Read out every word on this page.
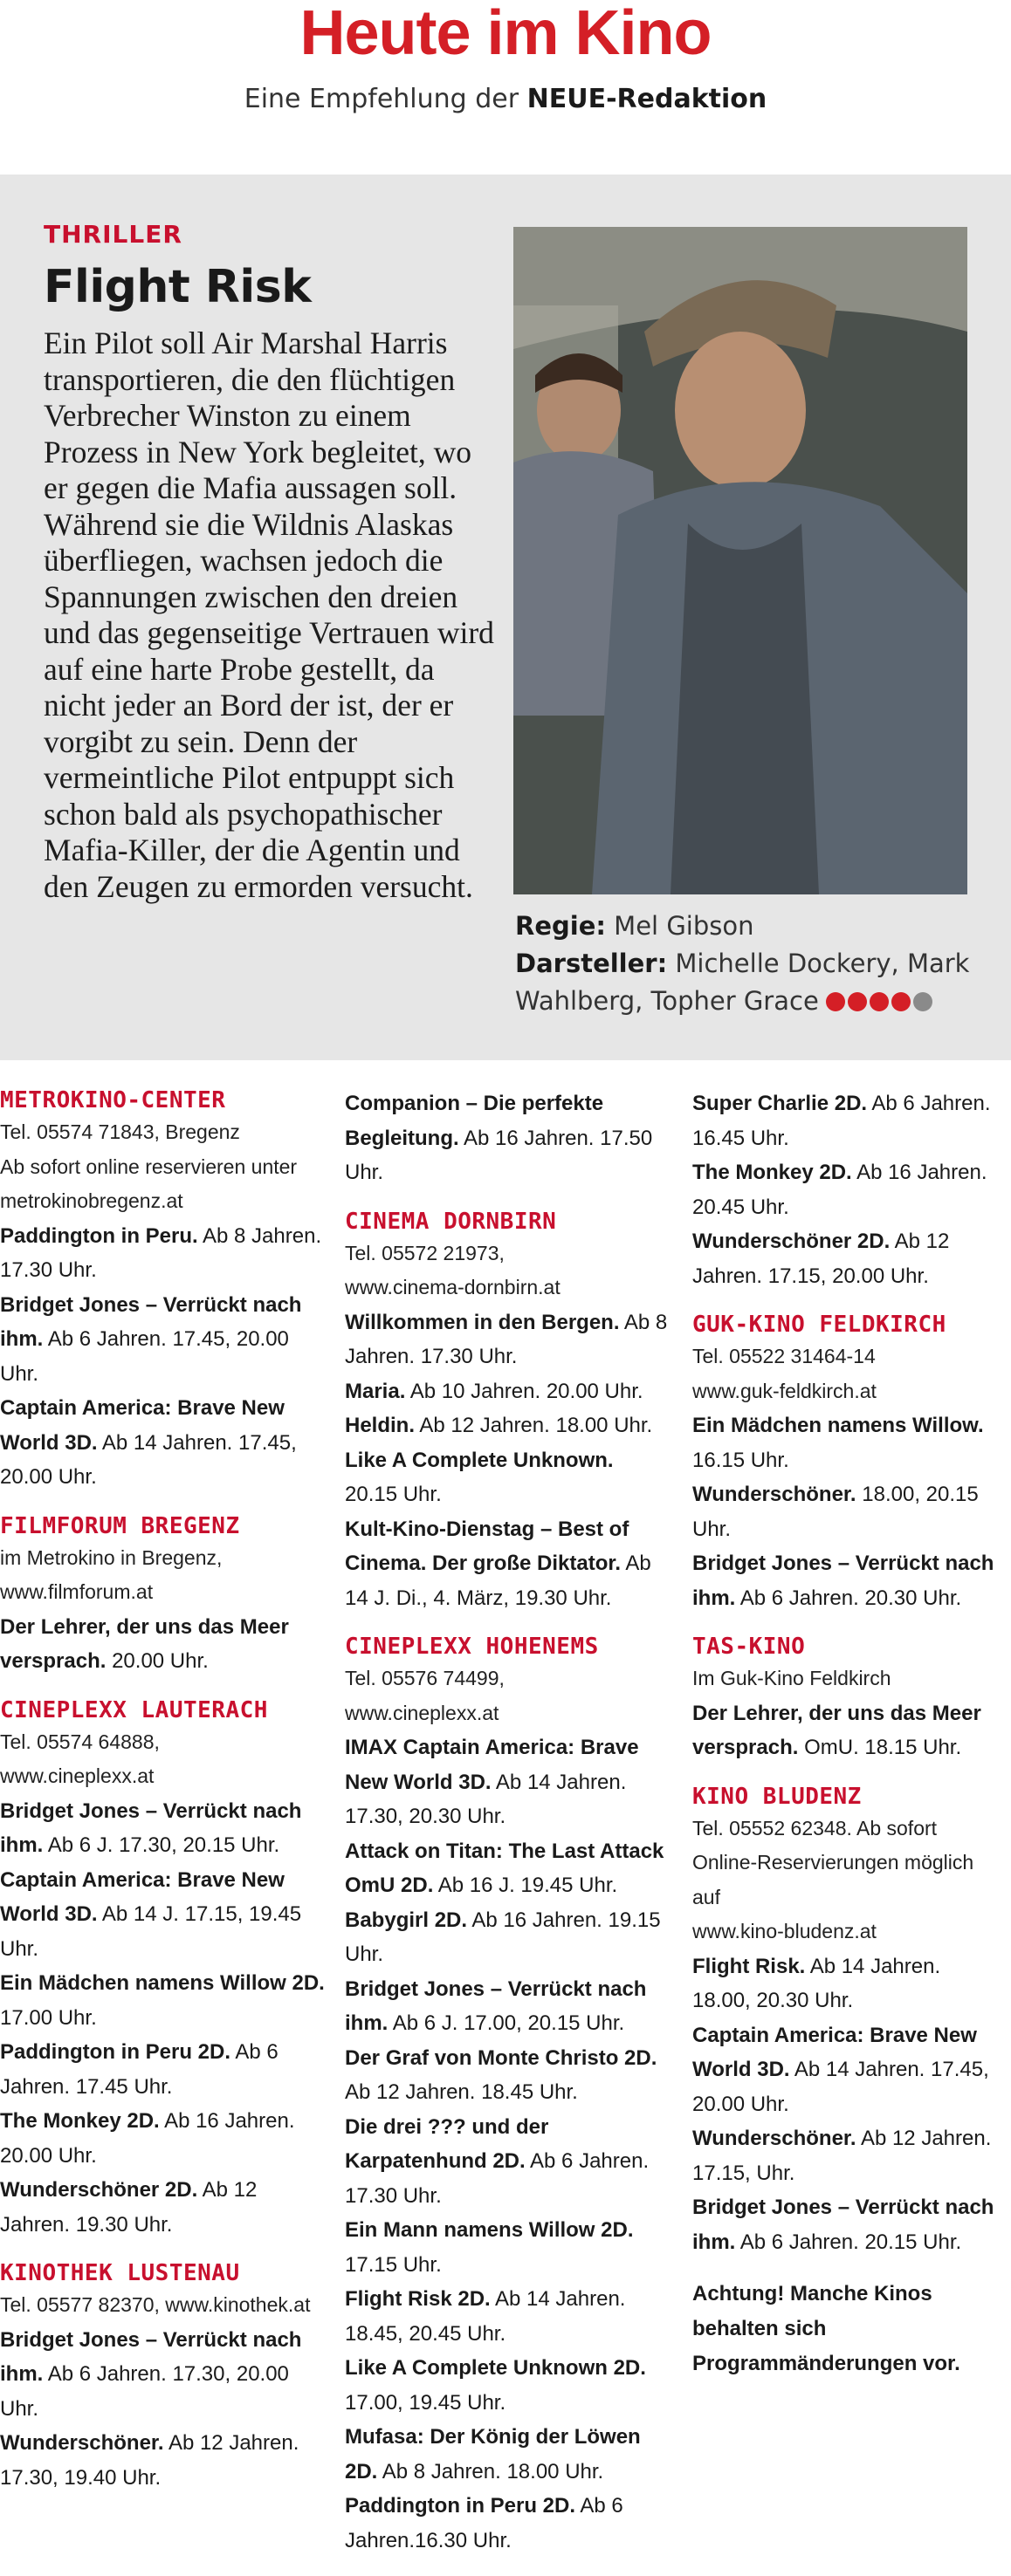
Heute im Kino
Eine Empfehlung der NEUE-Redaktion
THRILLER
Flight Risk

Ein Pilot soll Air Marshal Harris transportieren, die den flüchtigen Verbrecher Winston zu einem Prozess in New York begleitet, wo er gegen die Mafia aussagen soll. Während sie die Wildnis Alaskas überfliegen, wachsen jedoch die Spannungen zwischen den dreien und das gegenseitige Vertrauen wird auf eine harte Probe gestellt, da nicht jeder an Bord der ist, der er vorgibt zu sein. Denn der vermeintliche Pilot entpuppt sich schon bald als psychopathischer Mafia-Killer, der die Agentin und den Zeugen zu ermorden versucht.

Regie: Mel Gibson
Darsteller: Michelle Dockery, Mark Wahlberg, Topher Grace
METROKINO-CENTER
Tel. 05574 71843, Bregenz
Ab sofort online reservieren unter
metrokinobregenz.at
Paddington in Peru. Ab 8 Jahren. 17.30 Uhr.
Bridget Jones – Verrückt nach ihm. Ab 6 Jahren. 17.45, 20.00 Uhr.
Captain America: Brave New World 3D. Ab 14 Jahren. 17.45, 20.00 Uhr.
FILMFORUM BREGENZ
im Metrokino in Bregenz,
www.filmforum.at
Der Lehrer, der uns das Meer versprach. 20.00 Uhr.
CINEPLEXX LAUTERACH
Tel. 05574 64888,
www.cineplexx.at
Bridget Jones – Verrückt nach ihm. Ab 6 J. 17.30, 20.15 Uhr.
Captain America: Brave New World 3D. Ab 14 J. 17.15, 19.45 Uhr.
Ein Mädchen namens Willow 2D. 17.00 Uhr.
Paddington in Peru 2D. Ab 6 Jahren. 17.45 Uhr.
The Monkey 2D. Ab 16 Jahren. 20.00 Uhr.
Wunderschöner 2D. Ab 12 Jahren. 19.30 Uhr.
KINOTHEK LUSTENAU
Tel. 05577 82370, www.kinothek.at
Bridget Jones – Verrückt nach ihm. Ab 6 Jahren. 17.30, 20.00 Uhr.
Wunderschöner. Ab 12 Jahren. 17.30, 19.40 Uhr.
Companion – Die perfekte Begleitung. Ab 16 Jahren. 17.50 Uhr.
CINEMA DORNBIRN
Tel. 05572 21973,
www.cinema-dornbirn.at
Willkommen in den Bergen. Ab 8 Jahren. 17.30 Uhr.
Maria. Ab 10 Jahren. 20.00 Uhr.
Heldin. Ab 12 Jahren. 18.00 Uhr.
Like A Complete Unknown. 20.15 Uhr.
Kult-Kino-Dienstag – Best of Cinema. Der große Diktator. Ab 14 J. Di., 4. März, 19.30 Uhr.
CINEPLEXX HOHENEMS
Tel. 05576 74499,
www.cineplexx.at
IMAX Captain America: Brave New World 3D. Ab 14 Jahren. 17.30, 20.30 Uhr.
Attack on Titan: The Last Attack OmU 2D. Ab 16 J. 19.45 Uhr.
Babygirl 2D. Ab 16 Jahren. 19.15 Uhr.
Bridget Jones – Verrückt nach ihm. Ab 6 J. 17.00, 20.15 Uhr.
Der Graf von Monte Christo 2D. Ab 12 Jahren. 18.45 Uhr.
Die drei ??? und der Karpatenhund 2D. Ab 6 Jahren. 17.30 Uhr.
Ein Mann namens Willow 2D. 17.15 Uhr.
Flight Risk 2D. Ab 14 Jahren. 18.45, 20.45 Uhr.
Like A Complete Unknown 2D. 17.00, 19.45 Uhr.
Mufasa: Der König der Löwen 2D. Ab 8 Jahren. 18.00 Uhr.
Paddington in Peru 2D. Ab 6 Jahren.16.30 Uhr.
Super Charlie 2D. Ab 6 Jahren. 16.45 Uhr.
The Monkey 2D. Ab 16 Jahren. 20.45 Uhr.
Wunderschöner 2D. Ab 12 Jahren. 17.15, 20.00 Uhr.
GUK-KINO FELDKIRCH
Tel. 05522 31464-14
www.guk-feldkirch.at
Ein Mädchen namens Willow. 16.15 Uhr.
Wunderschöner. 18.00, 20.15 Uhr.
Bridget Jones – Verrückt nach ihm. Ab 6 Jahren. 20.30 Uhr.
TAS-KINO
Im Guk-Kino Feldkirch
Der Lehrer, der uns das Meer versprach. OmU. 18.15 Uhr.
KINO BLUDENZ
Tel. 05552 62348. Ab sofort Online-Reservierungen möglich auf
www.kino-bludenz.at
Flight Risk. Ab 14 Jahren. 18.00, 20.30 Uhr.
Captain America: Brave New World 3D. Ab 14 Jahren. 17.45, 20.00 Uhr.
Wunderschöner. Ab 12 Jahren. 17.15, Uhr.
Bridget Jones – Verrückt nach ihm. Ab 6 Jahren. 20.15 Uhr.
Achtung! Manche Kinos behalten sich Programmänderungen vor.
